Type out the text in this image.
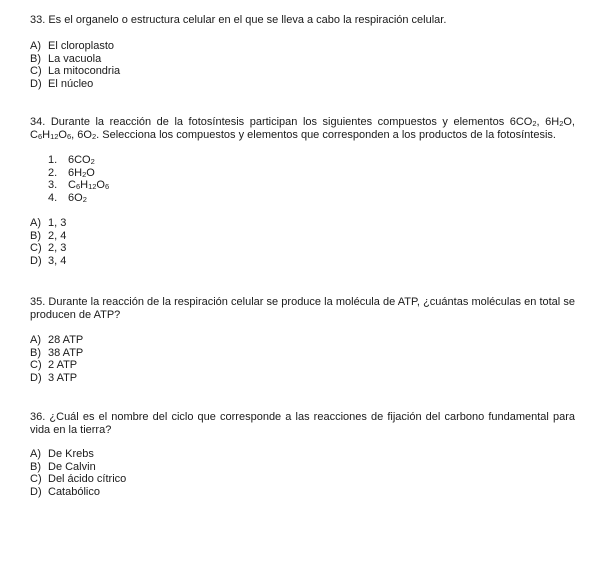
33. Es el organelo o estructura celular en el que se lleva a cabo la respiración celular.
A) El cloroplasto
B) La vacuola
C) La mitocondria
D) El núcleo
34. Durante la reacción de la fotosíntesis participan los siguientes compuestos y elementos $6CO_2$, $6H_2O$, $C_6H_{12}O_6$, $6O_2$. Selecciona los compuestos y elementos que corresponden a los productos de la fotosíntesis.
1. $6CO_2$
2. $6H_2O$
3. $C_6H_{12}O_6$
4. $6O_2$
A) 1, 3
B) 2, 4
C) 2, 3
D) 3, 4
35. Durante la reacción de la respiración celular se produce la molécula de ATP, ¿cuántas moléculas en total se producen de ATP?
A) 28 ATP
B) 38 ATP
C) 2 ATP
D) 3 ATP
36. ¿Cuál es el nombre del ciclo que corresponde a las reacciones de fijación del carbono fundamental para vida en la tierra?
A) De Krebs
B) De Calvin
C) Del ácido cítrico
D) Catabólico
